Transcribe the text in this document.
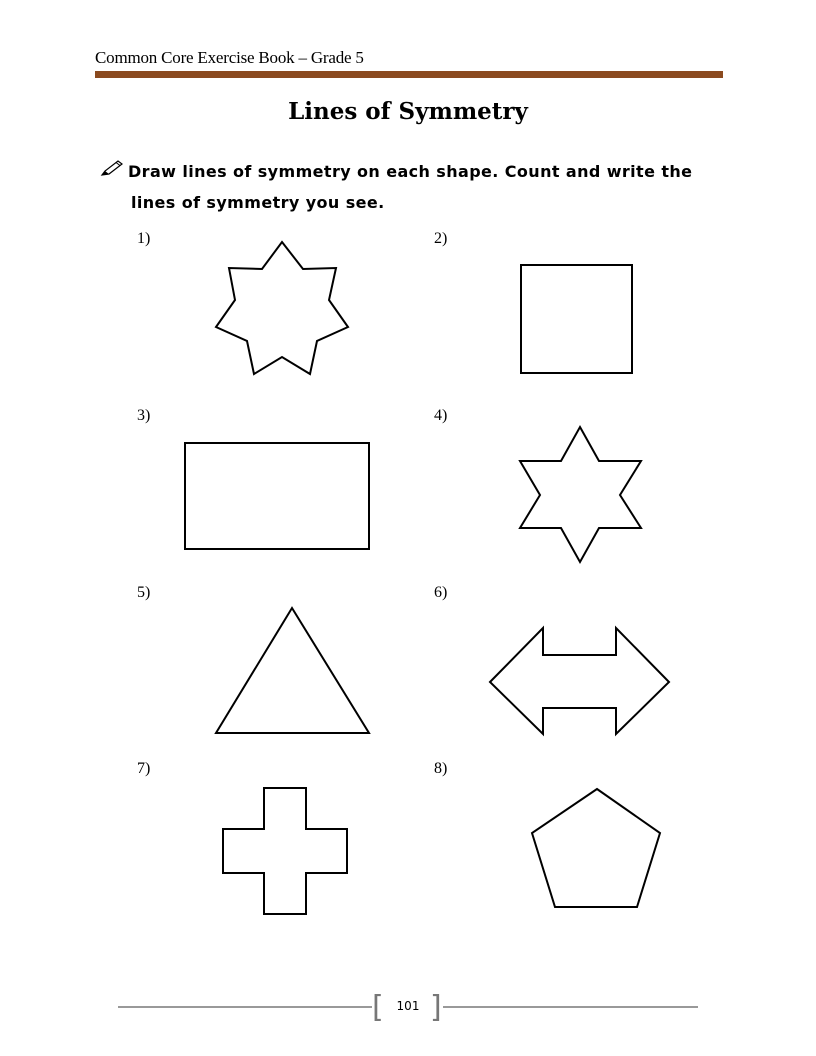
Common Core Exercise Book – Grade 5
Lines of Symmetry
Draw lines of symmetry on each shape. Count and write the
lines of symmetry you see.
1)	2)
3)	4)
5)	6)
7)	8)
[ ]
101
